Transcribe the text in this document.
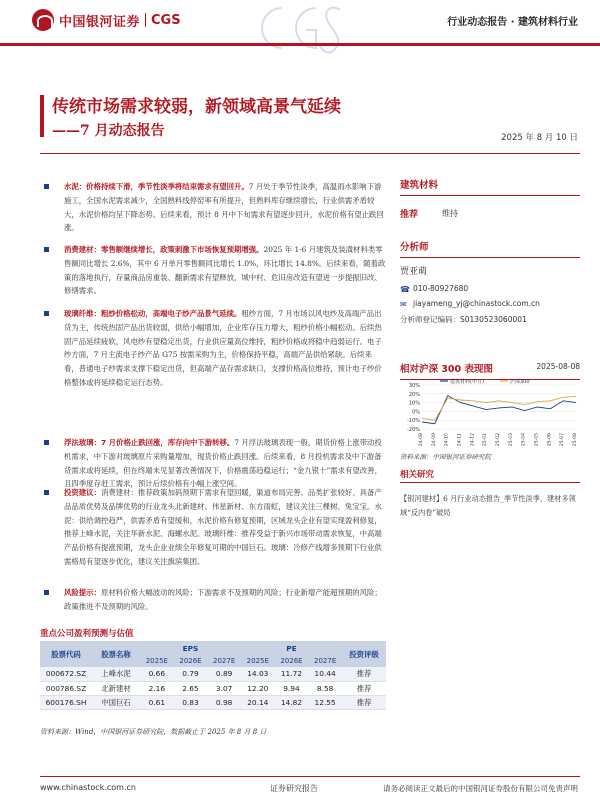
中国银河证券 CGS	行业动态报告 · 建筑材料行业
传统市场需求较弱，新领域高景气延续
——7 月动态报告	2025 年 8 月 10 日
水泥：价格持续下滑，季节性淡季将结束需求有望回升。7 月处于季节性淡季，高温雨水影响下游施工，全国水泥需求减少，全国熟料线停窑率有所提升，但熟料库存继续增长，行业供需矛盾较大，水泥价格均呈下降态势。后续来看，预计 8 月中下旬需求有望逐步回升，水泥价格有望止跌回涨。
消费建材：零售额继续增长，政策刺激下市场恢复预期增强。2025 年 1-6 月建筑及装潢材料类零售额同比增长 2.6%，其中 6 月单月零售额同比增长 1.0%，环比增长 14.8%。后续来看，随着政策的落地执行，存量商品房重装、翻新需求有望释放，城中村、危旧房改造有望进一步提振旧改、修缮需求。
玻璃纤维：粗纱价格松动，高端电子纱产品景气延续。粗纱方面，7 月市场以风电纱及高端产品出货为主，传统热固产品出货较弱，供给小幅增加，企业库存压力增大，粗纱价格小幅松动。后续热固产品延续疲软，风电纱有望稳定出货，行业供应量高位维持，粗纱价格或将稳中趋弱运行。电子纱方面，7 月主流电子纱产品 G75 按需采购为主，价格保持平稳，高端产品供给紧缺。后续来看，普通电子纱需求支撑下稳定出货，但高端产品存需求缺口，支撑价格高位维持，预计电子纱价格整体或将延续稳定运行态势。
浮法玻璃：7 月价格止跌回涨，库存向中下游转移。7 月浮法玻璃表现一般，期货价格上涨带动投机需求，中下游对玻璃原片采购量增加，现货价格止跌回涨。后续来看，8 月投机需求及中下游备货需求或将延续，但在终端未见显著改善情况下，价格震荡趋稳运行；“金九银十”需求有望改善，且四季度存赶工需求，预计后续价格有小幅上涨空间。
投资建议：消费建材：推荐政策加码预期下需求有望回暖，渠道布局完善、品类扩张较好、具备产品品质优势及品牌优势的行业龙头北新建材、伟星新材、东方雨虹，建议关注三棵树、兔宝宝。水泥：供给调控趋严，供需矛盾有望缓和，水泥价格有修复预期，区域龙头企业有望实现盈利修复，推荐上峰水泥，关注华新水泥、海螺水泥。玻璃纤维：推荐受益于新兴市场带动需求恢复，中高端产品价格有提涨预期，龙头企业业绩全年修复可期的中国巨石。玻璃：冷修产线增多预期下行业供需格局有望逐步优化，建议关注旗滨集团。
风险提示：原材料价格大幅波动的风险；下游需求不及预期的风险；行业新增产能超预期的风险；政策推进不及预期的风险。
重点公司盈利预测与估值
股票代码	股票名称	EPS			PE			投资评级
		2025E	2026E	2027E	2025E	2026E	2027E	
000672.SZ	上峰水泥	0.66	0.79	0.89	14.03	11.72	10.44	推荐
000786.SZ	北新建材	2.16	2.65	3.07	12.20	9.94	8.58	推荐
600176.SH	中国巨石	0.61	0.83	0.98	20.14	14.82	12.55	推荐
资料来源：Wind，中国银河证券研究院，数据截止于 2025 年 8 月 8 日
建筑材料
推荐	维持
分析师
贾亚萌
☎ 010-80927680
✉ jiayameng_yj@chinastock.com.cn
分析师登记编码：S0130523060001
相对沪深 300 表现图	2025-08-08
30%
20%
10%
0%
-10%
-20%
24-08 24-09 24-10 24-11 24-12 25-01 25-02 25-03 25-04 25-05 25-06 25-07 25-08
建筑材料(申万)	沪深300
资料来源：中国银河证券研究院
相关研究
【银河建材】6 月行业动态报告_季节性淡季，建材多领域“反内卷”破局
www.chinastock.com.cn	证券研究报告	请务必阅读正文最后的中国银河证券股份有限公司免责声明
